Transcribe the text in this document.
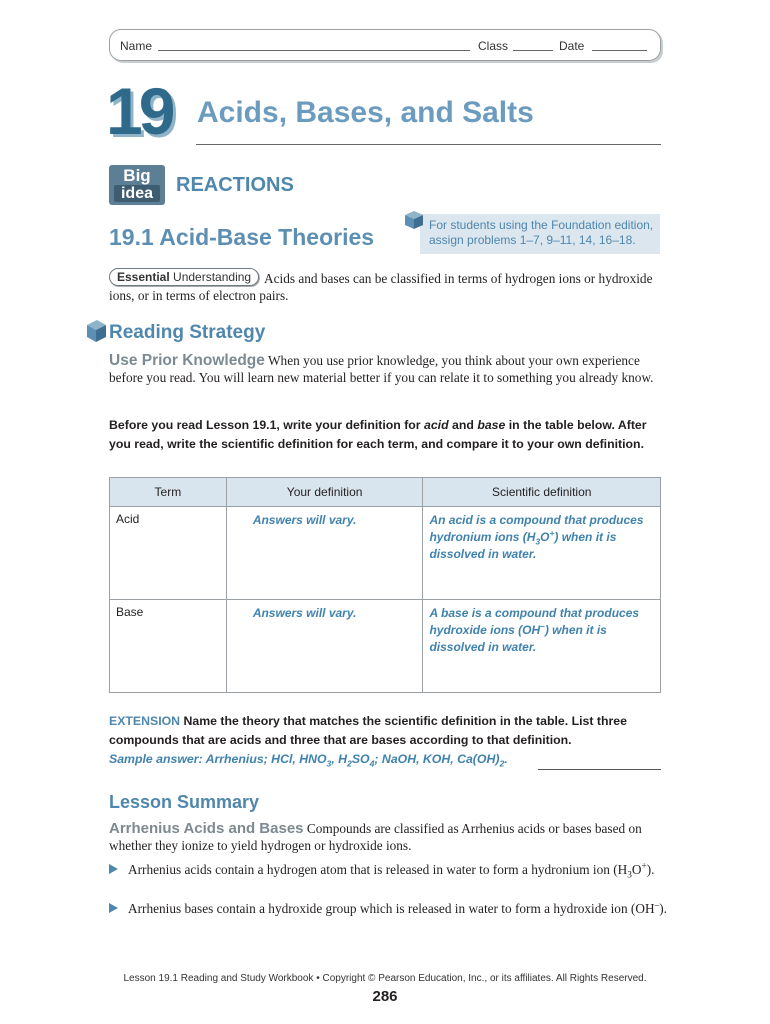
Name	Class	Date
19 Acids, Bases, and Salts
Big
idea	REACTIONS
19.1 Acid-Base Theories	For students using the Foundation edition,
assign problems 1–7, 9–11, 14, 16–18.
Acids and bases can be classified in terms of hydrogen ions or hydroxide ions, or in terms of electron pairs.
Essential Understanding
Reading Strategy
Use Prior Knowledge When you use prior knowledge, you think about your own experience before you read. You will learn new material better if you can relate it to something you already know.
Before you read Lesson 19.1, write your definition for acid and base in the table below. After you read, write the scientific definition for each term, and compare it to your own definition.
Term	Your definition	Scientific definition
Acid	Answers will vary.	An acid is a compound that produces hydronium ions $(H_3O^+)$ when it is dissolved in water.

Base	Answers will vary.	A base is a compound that produces hydroxide ions (OH–) when it is dissolved in water.
EXTENSION Name the theory that matches the scientific definition in the table. List three compounds that are acids and three that are bases according to that definition.
Sample answer: Arrhenius; HCl, $HNO_3$, $H_2SO_4$; NaOH, KOH, $Ca(OH)_2$.
Lesson Summary
Arrhenius Acids and Bases Compounds are classified as Arrhenius acids or bases based on whether they ionize to yield hydrogen or hydroxide ions.
Arrhenius acids contain a hydrogen atom that is released in water to form a hydronium ion $(H_3O^+)$.
Arrhenius bases contain a hydroxide group which is released in water to form a hydroxide ion (OH–).
Lesson 19.1 Reading and Study Workbook • Copyright © Pearson Education, Inc., or its affiliates. All Rights Reserved.
286
